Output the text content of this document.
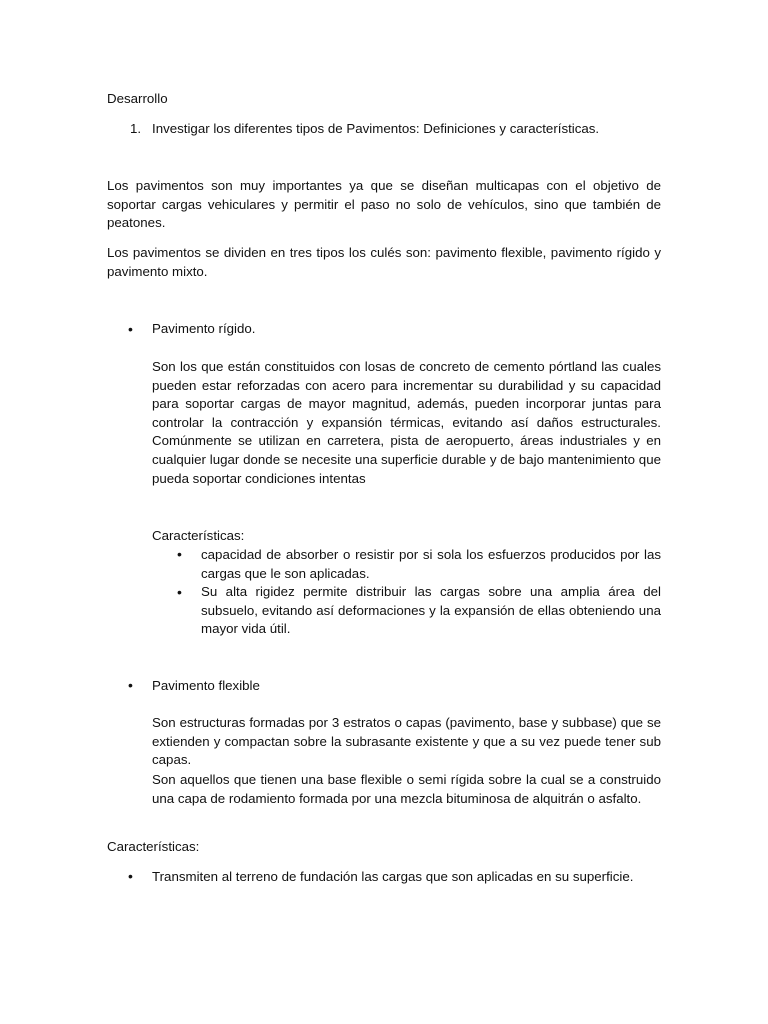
Desarrollo

1. Investigar los diferentes tipos de Pavimentos: Definiciones y características.

Los pavimentos son muy importantes ya que se diseñan multicapas con el objetivo de soportar cargas vehiculares y permitir el paso no solo de vehículos, sino que también de peatones.

Los pavimentos se dividen en tres tipos los culés son: pavimento flexible, pavimento rígido y pavimento mixto.

• Pavimento rígido.

Son los que están constituidos con losas de concreto de cemento pórtland las cuales pueden estar reforzadas con acero para incrementar su durabilidad y su capacidad para soportar cargas de mayor magnitud, además, pueden incorporar juntas para controlar la contracción y expansión térmicas, evitando así daños estructurales. Comúnmente se utilizan en carretera, pista de aeropuerto, áreas industriales y en cualquier lugar donde se necesite una superficie durable y de bajo mantenimiento que pueda soportar condiciones intentas

Características:

• capacidad de absorber o resistir por si sola los esfuerzos producidos por las cargas que le son aplicadas.

• Su alta rigidez permite distribuir las cargas sobre una amplia área del subsuelo, evitando así deformaciones y la expansión de ellas obteniendo una mayor vida útil.

• Pavimento flexible

Son estructuras formadas por 3 estratos o capas (pavimento, base y subbase) que se extienden y compactan sobre la subrasante existente y que a su vez puede tener sub capas.

Son aquellos que tienen una base flexible o semi rígida sobre la cual se a construido una capa de rodamiento formada por una mezcla bituminosa de alquitrán o asfalto.

Características:

• Transmiten al terreno de fundación las cargas que son aplicadas en su superficie.
